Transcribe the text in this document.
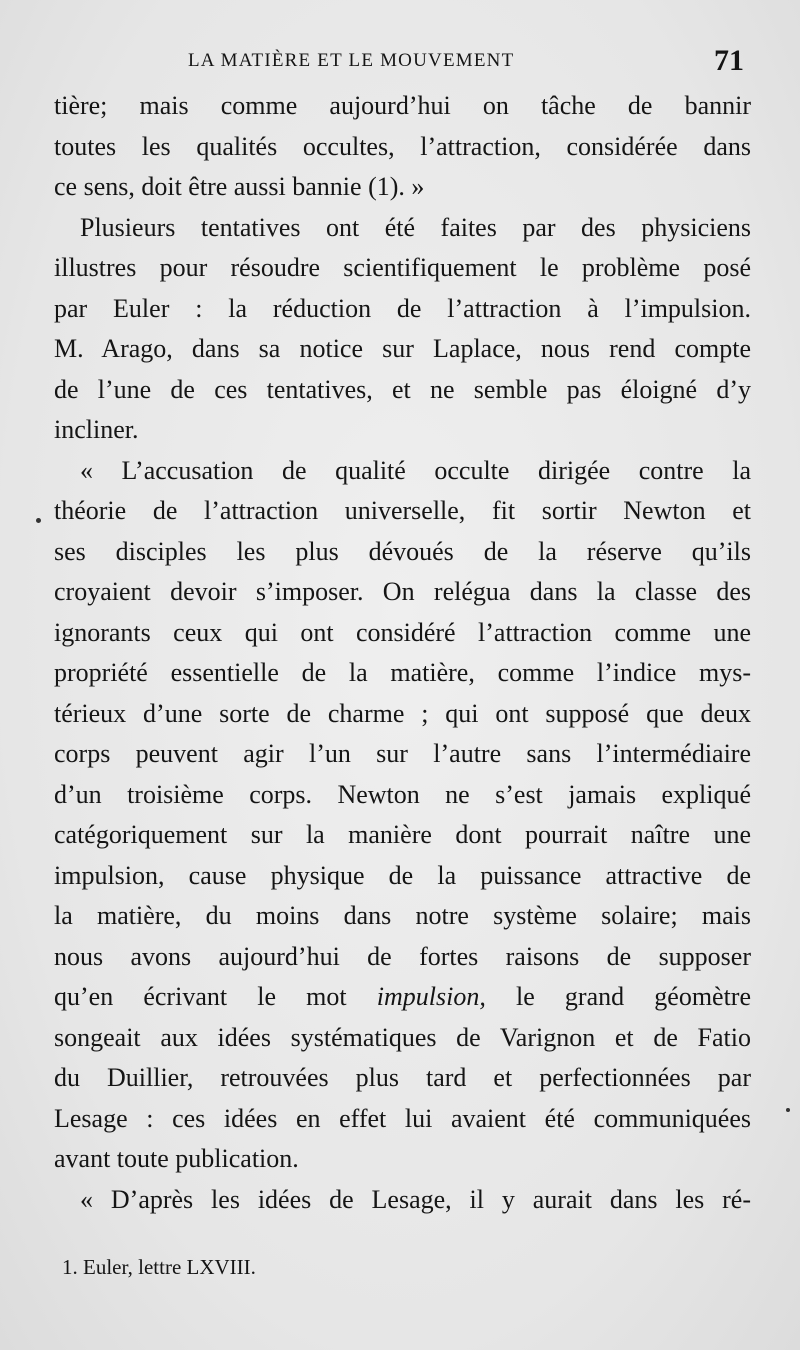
LA MATIÈRE ET LE MOUVEMENT	71
tière; mais comme aujourd’hui on tâche de bannir
toutes les qualités occultes, l’attraction, considérée dans
ce sens, doit être aussi bannie (1). »
Plusieurs tentatives ont été faites par des physiciens
illustres pour résoudre scientifiquement le problème posé
par Euler : la réduction de l’attraction à l’impulsion.
M. Arago, dans sa notice sur Laplace, nous rend compte
de l’une de ces tentatives, et ne semble pas éloigné d’y
incliner.
« L’accusation de qualité occulte dirigée contre la
théorie de l’attraction universelle, fit sortir Newton et
ses disciples les plus dévoués de la réserve qu’ils
croyaient devoir s’imposer. On relégua dans la classe des
ignorants ceux qui ont considéré l’attraction comme une
propriété essentielle de la matière, comme l’indice mys-
térieux d’une sorte de charme ; qui ont supposé que deux
corps peuvent agir l’un sur l’autre sans l’intermédiaire
d’un troisième corps. Newton ne s’est jamais expliqué
catégoriquement sur la manière dont pourrait naître une
impulsion, cause physique de la puissance attractive de
la matière, du moins dans notre système solaire; mais
nous avons aujourd’hui de fortes raisons de supposer
qu’en écrivant le mot impulsion, le grand géomètre
songeait aux idées systématiques de Varignon et de Fatio
du Duillier, retrouvées plus tard et perfectionnées par
Lesage : ces idées en effet lui avaient été communiquées
avant toute publication.
« D’après les idées de Lesage, il y aurait dans les ré-
1. Euler, lettre LXVIII.
